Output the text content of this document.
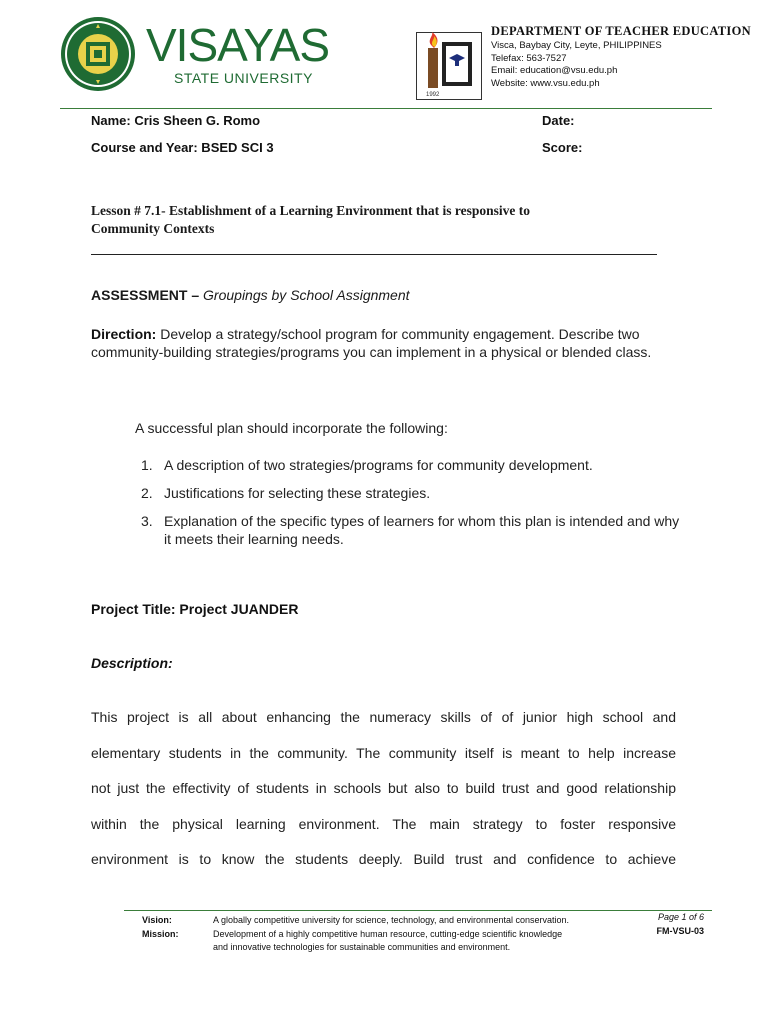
VISAYAS
STATE UNIVERSITY
1992
DEPARTMENT OF TEACHER EDUCATION
Visca, Baybay City, Leyte, PHILIPPINES
Telefax: 563-7527
Email: education@vsu.edu.ph
Website: www.vsu.edu.ph
Name: Cris Sheen G. Romo	Date:
Course and Year: BSED SCI 3	Score:
Lesson # 7.1- Establishment of a Learning Environment that is responsive to
Community Contexts
ASSESSMENT – Groupings by School Assignment
Direction: Develop a strategy/school program for community engagement. Describe two community-building strategies/programs you can implement in a physical or blended class.
A successful plan should incorporate the following:
1. A description of two strategies/programs for community development.
2. Justifications for selecting these strategies.
3. Explanation of the specific types of learners for whom this plan is intended and why it meets their learning needs.
Project Title: Project JUANDER
Description:
This project is all about enhancing the numeracy skills of of junior high school and
elementary students in the community. The community itself is meant to help increase
not just the effectivity of students in schools but also to build trust and good relationship
within the physical learning environment. The main strategy to foster responsive
environment is to know the students deeply. Build trust and confidence to achieve
Vision:
Mission:
A globally competitive university for science, technology, and environmental conservation.
Development of a highly competitive human resource, cutting-edge scientific knowledge
and innovative technologies for sustainable communities and environment.
Page 1 of 6
FM-VSU-03
